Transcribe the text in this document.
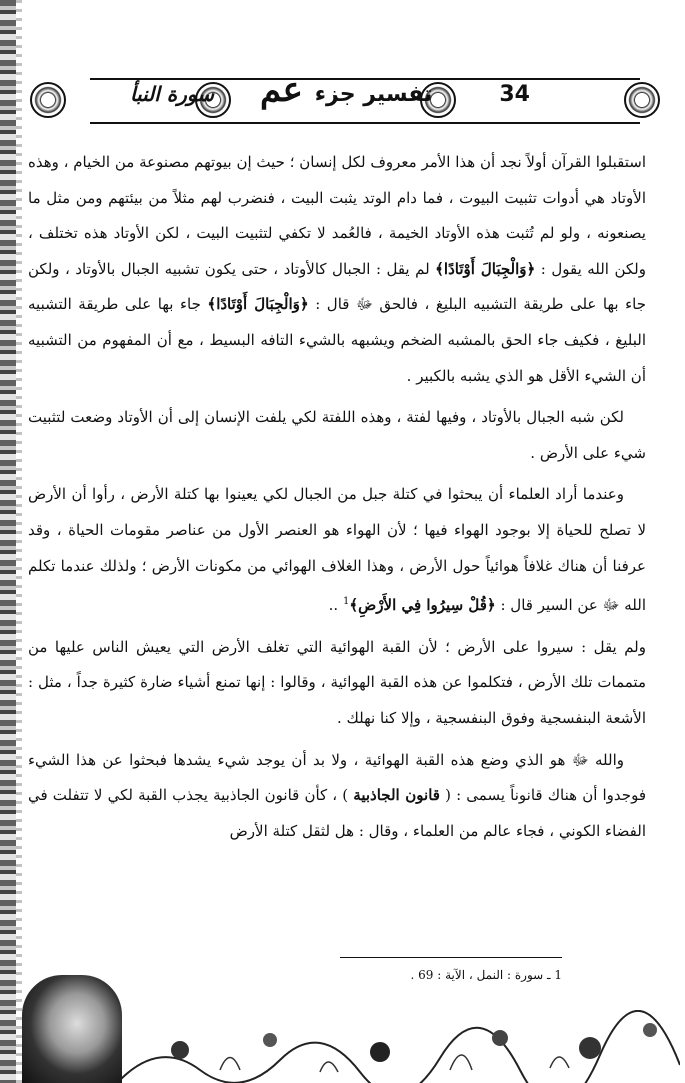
34
تفسير جزء عم
سورة النبأ

استقبلوا القرآن أولاً نجد أن هذا الأمر معروف لكل إنسان ؛ حيث إن بيوتهم مصنوعة من الخيام ، وهذه الأوتاد هي أدوات تثبيت البيوت ، فما دام الوتد يثبت البيت ، فنضرب لهم مثلاً من بيئتهم ومن مثل ما يصنعونه ، ولو لم تُثبت هذه الأوتاد الخيمة ، فالعُمد لا تكفي لتثبيت البيت ، لكن الأوتاد هذه تختلف ، ولكن الله يقول : ﴿وَالْجِبَالَ أَوْتَادًا﴾ لم يقل : الجبال كالأوتاد ، حتى يكون تشبيه الجبال بالأوتاد ، ولكن جاء بها على طريقة التشبيه البليغ ، فالحق ﷻ قال : ﴿وَالْجِبَالَ أَوْتَادًا﴾ جاء بها على طريقة التشبيه البليغ ، فكيف جاء الحق بالمشبه الضخم ويشبهه بالشيء التافه البسيط ، مع أن المفهوم من التشبيه أن الشيء الأقل هو الذي يشبه بالكبير .

لكن شبه الجبال بالأوتاد ، وفيها لفتة ، وهذه اللفتة لكي يلفت الإنسان إلى أن الأوتاد وضعت لتثبيت شيء على الأرض .

وعندما أراد العلماء أن يبحثوا في كتلة جبل من الجبال لكي يعينوا بها كتلة الأرض ، رأوا أن الأرض لا تصلح للحياة إلا بوجود الهواء فيها ؛ لأن الهواء هو العنصر الأول من عناصر مقومات الحياة ، وقد عرفنا أن هناك غلافاً هوائياً حول الأرض ، وهذا الغلاف الهوائي من مكونات الأرض ؛ ولذلك عندما تكلم الله ﷻ عن السير قال : ﴿قُلْ سِيرُوا فِي الأَرْضِ﴾$^1$ ..

ولم يقل : سيروا على الأرض ؛ لأن القبة الهوائية التي تغلف الأرض التي يعيش الناس عليها من متممات تلك الأرض ، فتكلموا عن هذه القبة الهوائية ، وقالوا : إنها تمنع أشياء ضارة كثيرة جداً ، مثل : الأشعة البنفسجية وفوق البنفسجية ، وإلا كنا نهلك .

والله ﷻ هو الذي وضع هذه القبة الهوائية ، ولا بد أن يوجد شيء يشدها فبحثوا عن هذا الشيء فوجدوا أن هناك قانوناً يسمى : ( قانون الجاذبية ) ، كأن قانون الجاذبية يجذب القبة لكي لا تتفلت في الفضاء الكوني ، فجاء عالم من العلماء ، وقال : هل لثقل كتلة الأرض

1 ـ سورة : النمل ، الآية : 69 .
